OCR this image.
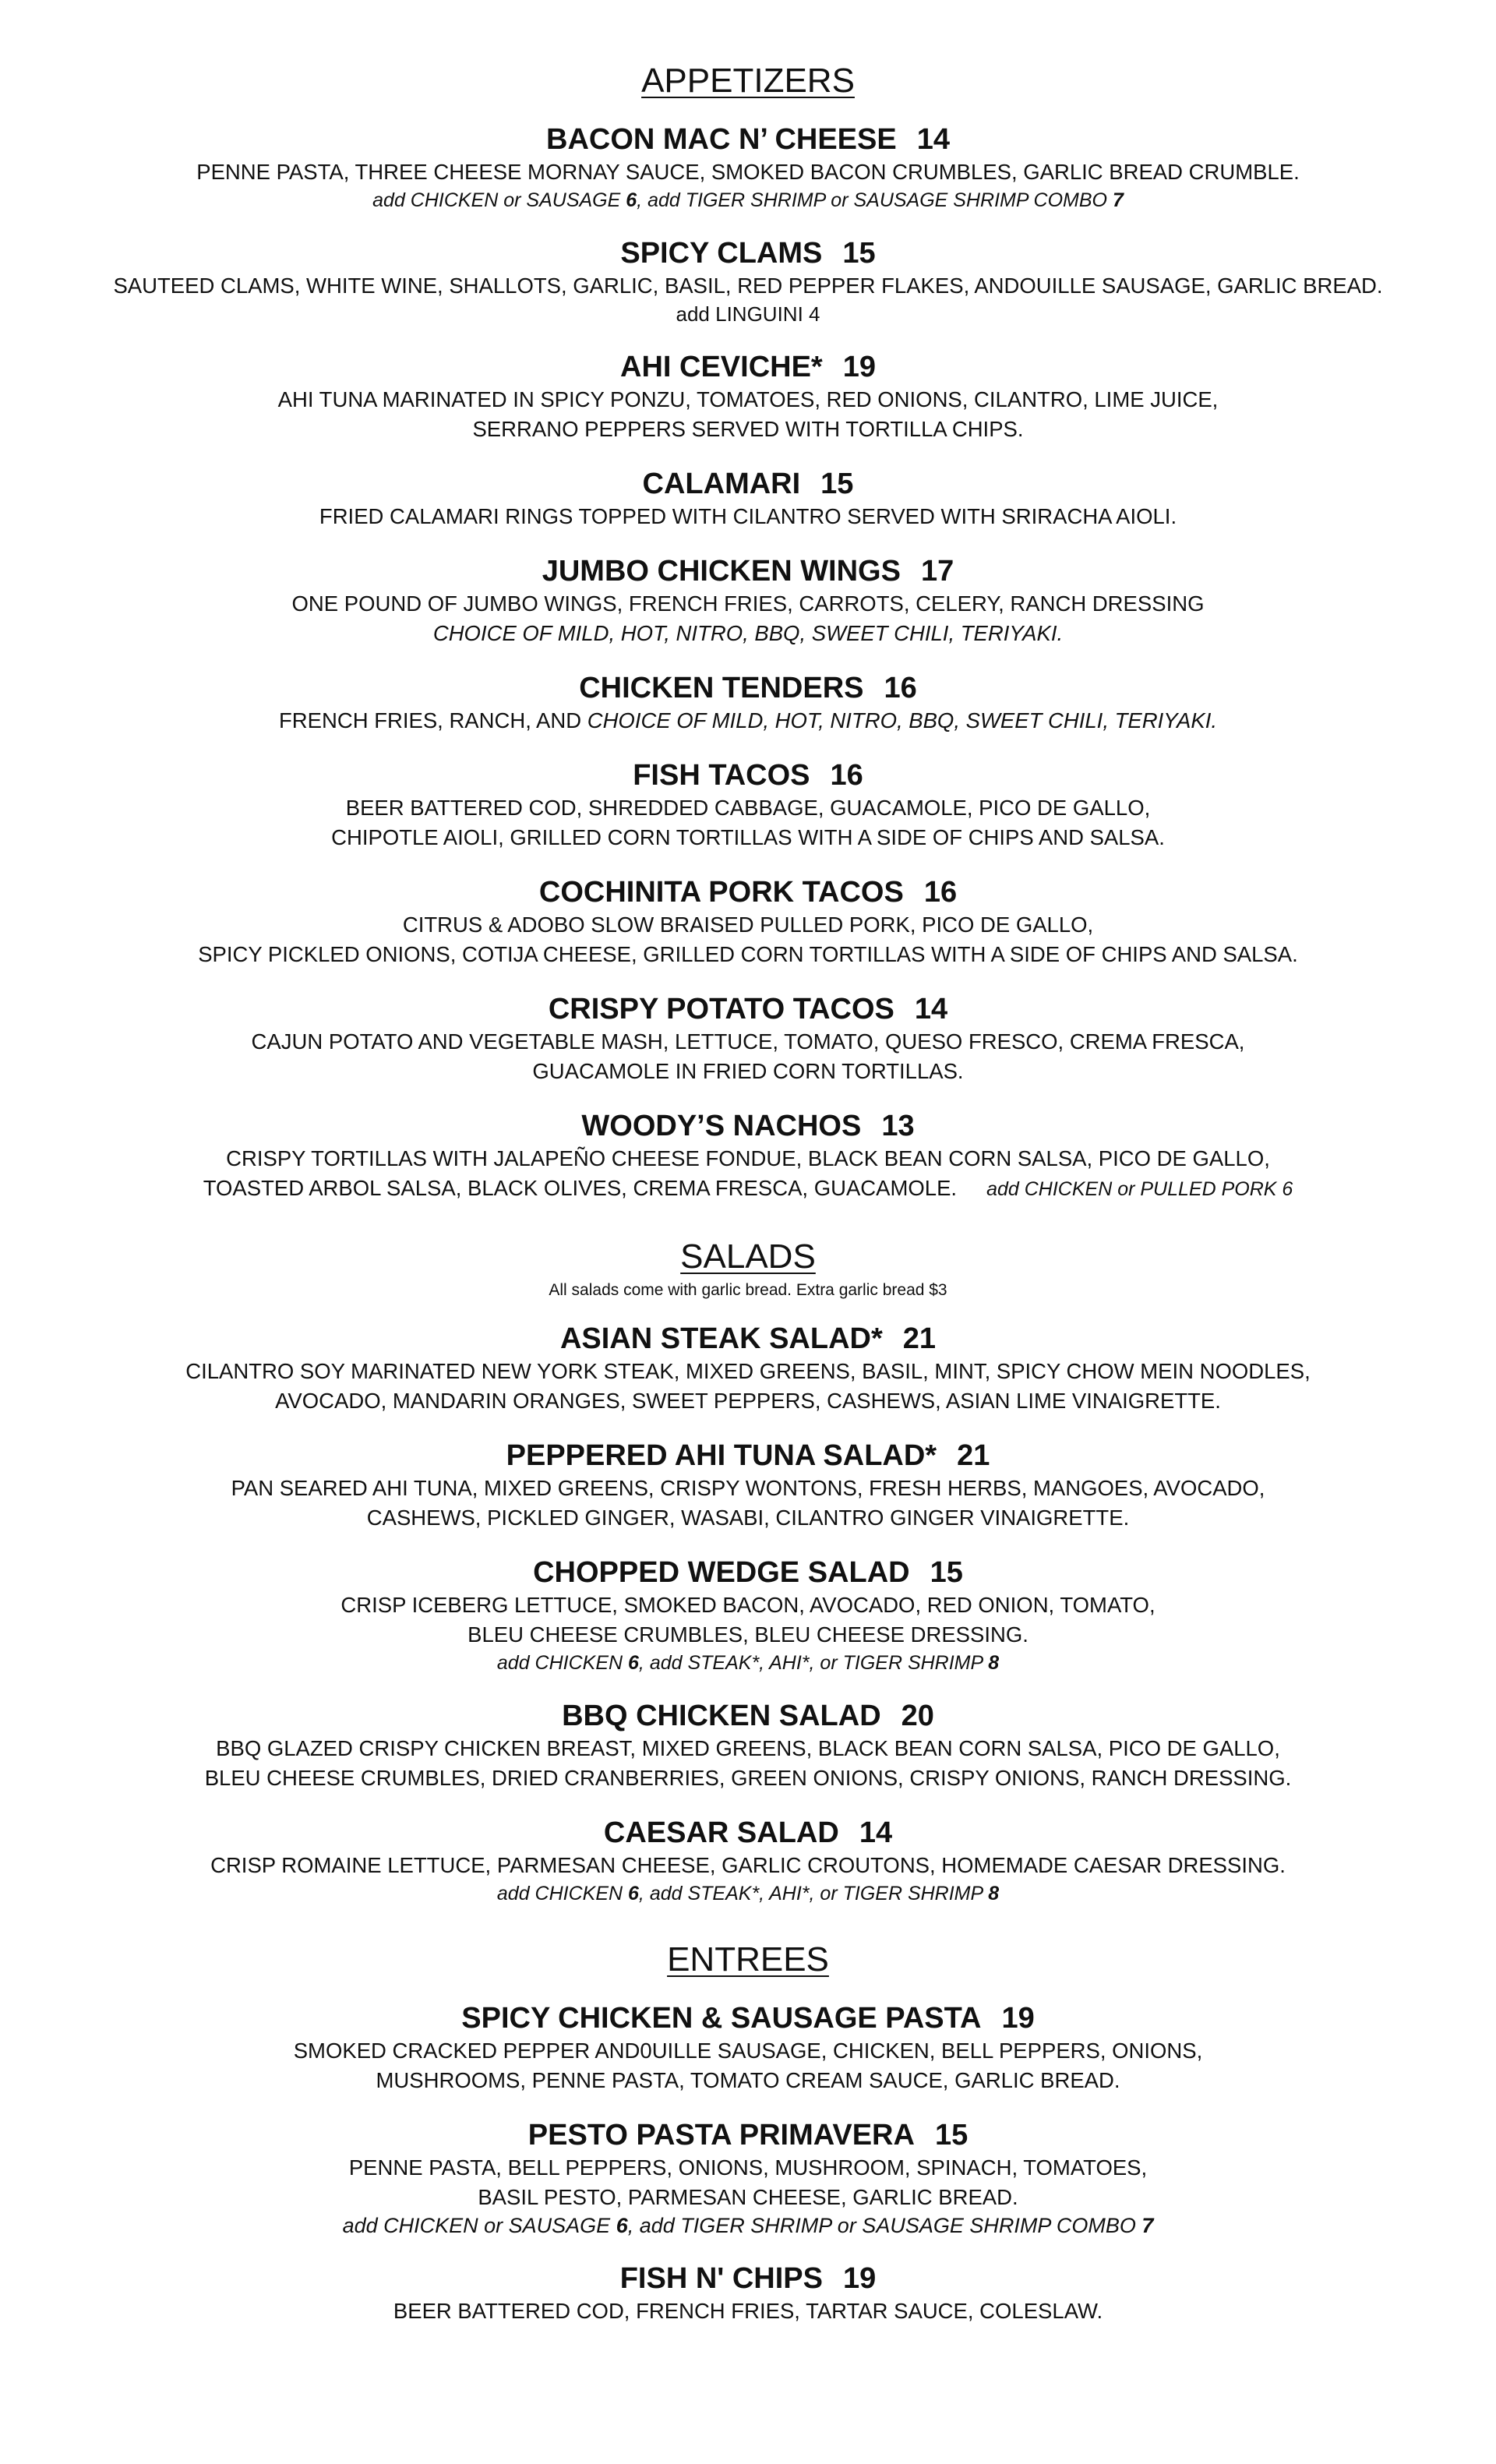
APPETIZERS
BACON MAC N’ CHEESE 14
PENNE PASTA, THREE CHEESE MORNAY SAUCE, SMOKED BACON CRUMBLES, GARLIC BREAD CRUMBLE.
add CHICKEN or SAUSAGE 6, add TIGER SHRIMP or SAUSAGE SHRIMP COMBO 7
SPICY CLAMS 15
SAUTEED CLAMS, WHITE WINE, SHALLOTS, GARLIC, BASIL, RED PEPPER FLAKES, ANDOUILLE SAUSAGE, GARLIC BREAD.
add LINGUINI 4
AHI CEVICHE* 19
AHI TUNA MARINATED IN SPICY PONZU, TOMATOES, RED ONIONS, CILANTRO, LIME JUICE,
SERRANO PEPPERS SERVED WITH TORTILLA CHIPS.
CALAMARI 15
FRIED CALAMARI RINGS TOPPED WITH CILANTRO SERVED WITH SRIRACHA AIOLI.
JUMBO CHICKEN WINGS 17
ONE POUND OF JUMBO WINGS, FRENCH FRIES, CARROTS, CELERY, RANCH DRESSING
CHOICE OF MILD, HOT, NITRO, BBQ, SWEET CHILI, TERIYAKI.
CHICKEN TENDERS 16
FRENCH FRIES, RANCH, AND CHOICE OF MILD, HOT, NITRO, BBQ, SWEET CHILI, TERIYAKI.
FISH TACOS 16
BEER BATTERED COD, SHREDDED CABBAGE, GUACAMOLE, PICO DE GALLO,
CHIPOTLE AIOLI, GRILLED CORN TORTILLAS WITH A SIDE OF CHIPS AND SALSA.
COCHINITA PORK TACOS 16
CITRUS & ADOBO SLOW BRAISED PULLED PORK, PICO DE GALLO,
SPICY PICKLED ONIONS, COTIJA CHEESE, GRILLED CORN TORTILLAS WITH A SIDE OF CHIPS AND SALSA.
CRISPY POTATO TACOS 14
CAJUN POTATO AND VEGETABLE MASH, LETTUCE, TOMATO, QUESO FRESCO, CREMA FRESCA,
GUACAMOLE IN FRIED CORN TORTILLAS.
WOODY’S NACHOS 13
CRISPY TORTILLAS WITH JALAPEÑO CHEESE FONDUE, BLACK BEAN CORN SALSA, PICO DE GALLO,
TOASTED ARBOL SALSA, BLACK OLIVES, CREMA FRESCA, GUACAMOLE. add CHICKEN or PULLED PORK 6
SALADS
All salads come with garlic bread. Extra garlic bread $3
ASIAN STEAK SALAD* 21
CILANTRO SOY MARINATED NEW YORK STEAK, MIXED GREENS, BASIL, MINT, SPICY CHOW MEIN NOODLES,
AVOCADO, MANDARIN ORANGES, SWEET PEPPERS, CASHEWS, ASIAN LIME VINAIGRETTE.
PEPPERED AHI TUNA SALAD* 21
PAN SEARED AHI TUNA, MIXED GREENS, CRISPY WONTONS, FRESH HERBS, MANGOES, AVOCADO,
CASHEWS, PICKLED GINGER, WASABI, CILANTRO GINGER VINAIGRETTE.
CHOPPED WEDGE SALAD 15
CRISP ICEBERG LETTUCE, SMOKED BACON, AVOCADO, RED ONION, TOMATO,
BLEU CHEESE CRUMBLES, BLEU CHEESE DRESSING.
add CHICKEN 6, add STEAK*, AHI*, or TIGER SHRIMP 8
BBQ CHICKEN SALAD 20
BBQ GLAZED CRISPY CHICKEN BREAST, MIXED GREENS, BLACK BEAN CORN SALSA, PICO DE GALLO,
BLEU CHEESE CRUMBLES, DRIED CRANBERRIES, GREEN ONIONS, CRISPY ONIONS, RANCH DRESSING.
CAESAR SALAD 14
CRISP ROMAINE LETTUCE, PARMESAN CHEESE, GARLIC CROUTONS, HOMEMADE CAESAR DRESSING.
add CHICKEN 6, add STEAK*, AHI*, or TIGER SHRIMP 8
ENTREES
SPICY CHICKEN & SAUSAGE PASTA 19
SMOKED CRACKED PEPPER AND0UILLE SAUSAGE, CHICKEN, BELL PEPPERS, ONIONS,
MUSHROOMS, PENNE PASTA, TOMATO CREAM SAUCE, GARLIC BREAD.
PESTO PASTA PRIMAVERA 15
PENNE PASTA, BELL PEPPERS, ONIONS, MUSHROOM, SPINACH, TOMATOES,
BASIL PESTO, PARMESAN CHEESE, GARLIC BREAD.
add CHICKEN or SAUSAGE 6, add TIGER SHRIMP or SAUSAGE SHRIMP COMBO 7
FISH N' CHIPS 19
BEER BATTERED COD, FRENCH FRIES, TARTAR SAUCE, COLESLAW.
